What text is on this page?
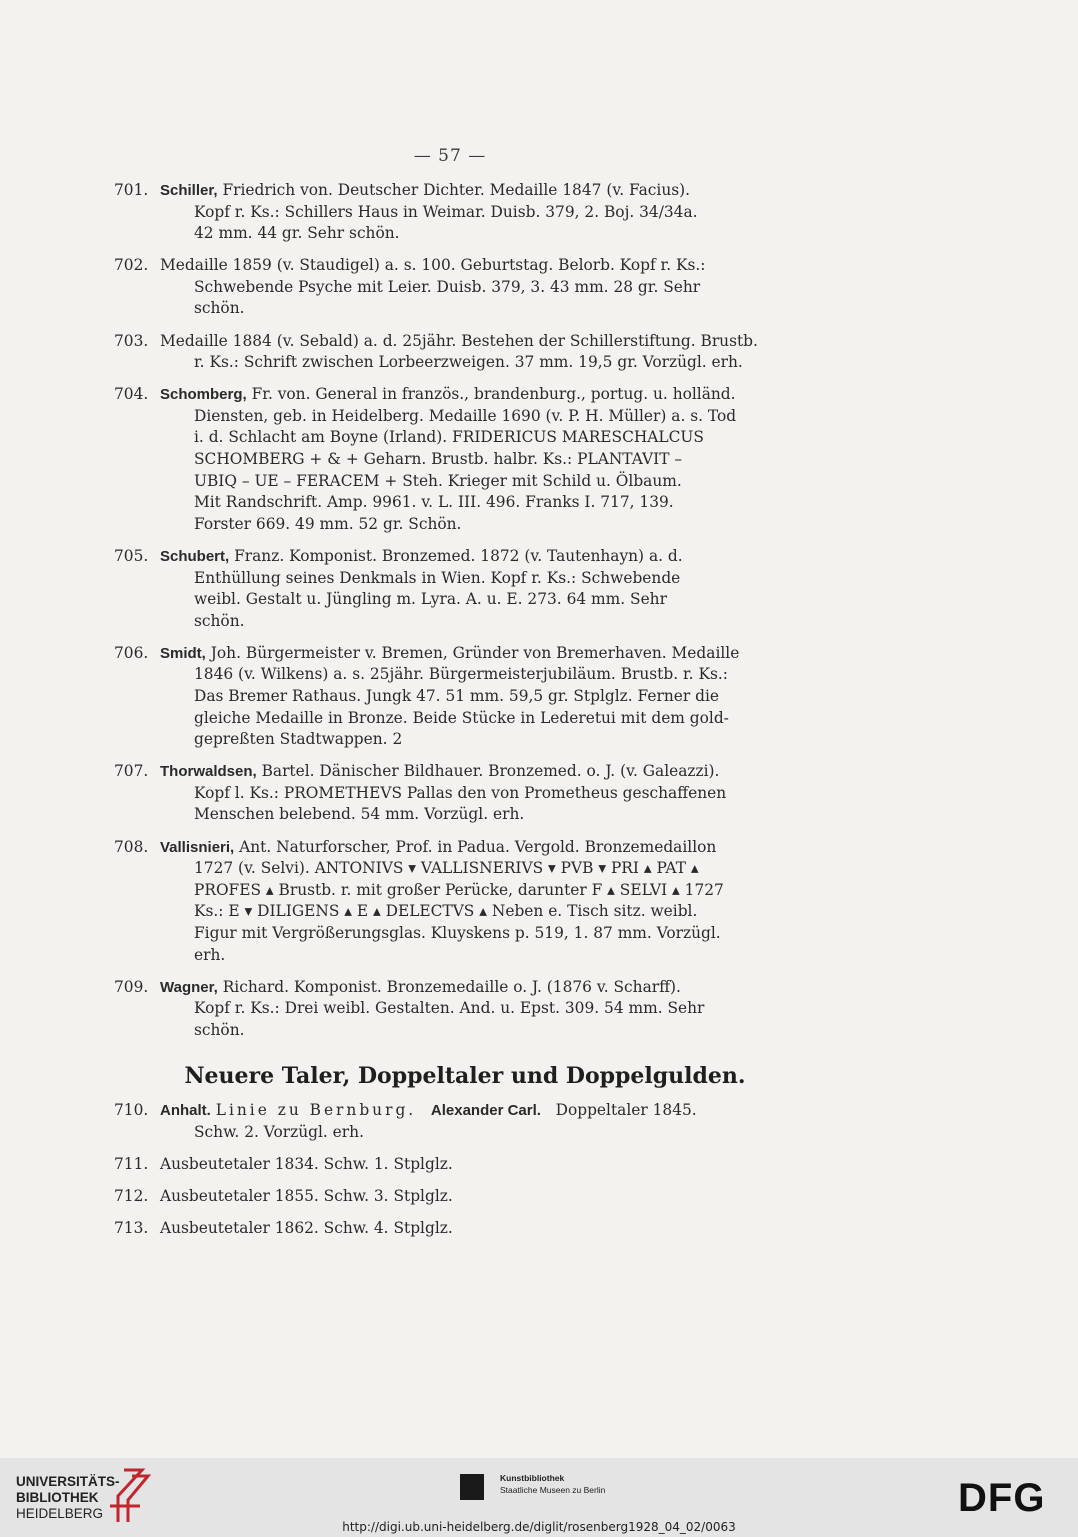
— 57 —
701. Schiller, Friedrich von. Deutscher Dichter. Medaille 1847 (v. Facius).
Kopf r. Ks.: Schillers Haus in Weimar. Duisb. 379, 2. Boj. 34/34a.
42 mm. 44 gr. Sehr schön.
702. Medaille 1859 (v. Staudigel) a. s. 100. Geburtstag. Belorb. Kopf r. Ks.:
Schwebende Psyche mit Leier. Duisb. 379, 3. 43 mm. 28 gr. Sehr
schön.
703. Medaille 1884 (v. Sebald) a. d. 25jähr. Bestehen der Schillerstiftung. Brustb.
r. Ks.: Schrift zwischen Lorbeerzweigen. 37 mm. 19,5 gr. Vorzügl. erh.
704. Schomberg, Fr. von. General in französ., brandenburg., portug. u. holländ.
Diensten, geb. in Heidelberg. Medaille 1690 (v. P. H. Müller) a. s. Tod
i. d. Schlacht am Boyne (Irland). FRIDERICUS MARESCHALCUS
SCHOMBERG + & + Geharn. Brustb. halbr. Ks.: PLANTAVIT –
UBIQ – UE – FERACEM + Steh. Krieger mit Schild u. Ölbaum.
Mit Randschrift. Amp. 9961. v. L. III. 496. Franks I. 717, 139.
Forster 669. 49 mm. 52 gr. Schön.
705. Schubert, Franz. Komponist. Bronzemed. 1872 (v. Tautenhayn) a. d.
Enthüllung seines Denkmals in Wien. Kopf r. Ks.: Schwebende
weibl. Gestalt u. Jüngling m. Lyra. A. u. E. 273. 64 mm. Sehr
schön.
706. Smidt, Joh. Bürgermeister v. Bremen, Gründer von Bremerhaven. Medaille
1846 (v. Wilkens) a. s. 25jähr. Bürgermeisterjubiläum. Brustb. r. Ks.:
Das Bremer Rathaus. Jungk 47. 51 mm. 59,5 gr. Stplglz. Ferner die
gleiche Medaille in Bronze. Beide Stücke in Lederetui mit dem gold-
gepreßten Stadtwappen. 2
707. Thorwaldsen, Bartel. Dänischer Bildhauer. Bronzemed. o. J. (v. Galeazzi).
Kopf l. Ks.: PROMETHEVS Pallas den von Prometheus geschaffenen
Menschen belebend. 54 mm. Vorzügl. erh.
708. Vallisnieri, Ant. Naturforscher, Prof. in Padua. Vergold. Bronzemedaillon
1727 (v. Selvi). ANTONIVS ▾ VALLISNERIVS ▾ PVB ▾ PRI ▴ PAT ▴
PROFES ▴ Brustb. r. mit großer Perücke, darunter F ▴ SELVI ▴ 1727
Ks.: E ▾ DILIGENS ▴ E ▴ DELECTVS ▴ Neben e. Tisch sitz. weibl.
Figur mit Vergrößerungsglas. Kluyskens p. 519, 1. 87 mm. Vorzügl.
erh.
709. Wagner, Richard. Komponist. Bronzemedaille o. J. (1876 v. Scharff).
Kopf r. Ks.: Drei weibl. Gestalten. And. u. Epst. 309. 54 mm. Sehr
schön.
Neuere Taler, Doppeltaler und Doppelgulden.
710. Anhalt. Linie zu Bernburg. Alexander Carl. Doppeltaler 1845.
Schw. 2. Vorzügl. erh.
711. Ausbeutetaler 1834. Schw. 1. Stplglz.
712. Ausbeutetaler 1855. Schw. 3. Stplglz.
713. Ausbeutetaler 1862. Schw. 4. Stplglz.
UNIVERSITÄTS-
BIBLIOTHEK
HEIDELBERG
Kunstbibliothek
Staatliche Museen zu Berlin	DFG
http://digi.ub.uni-heidelberg.de/diglit/rosenberg1928_04_02/0063
